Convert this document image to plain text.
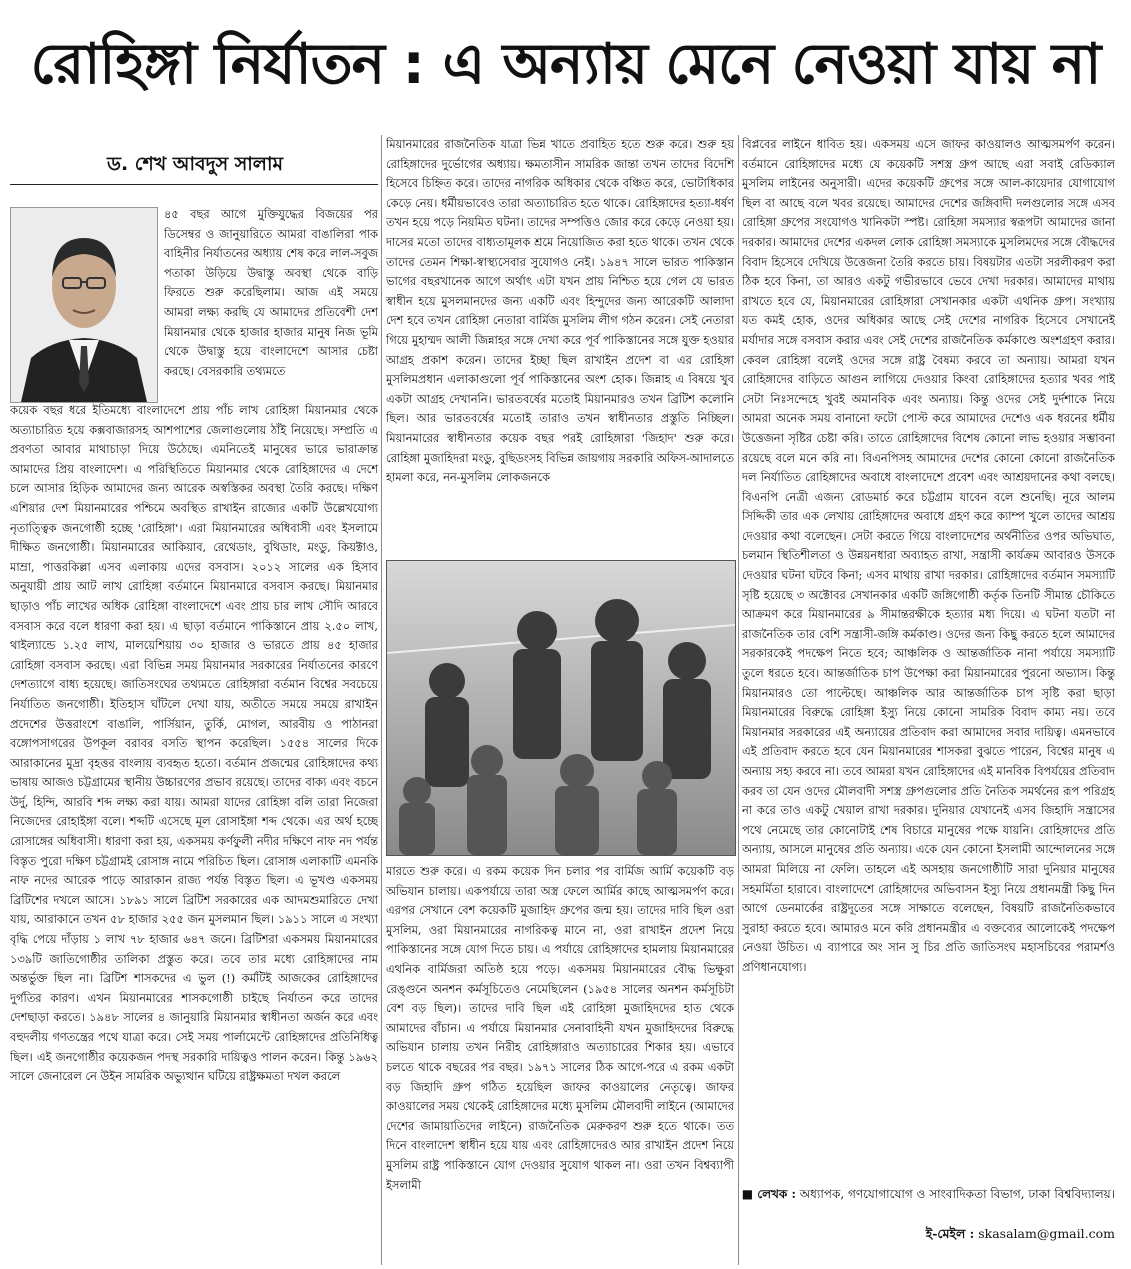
রোহিঙ্গা নির্যাতন : এ অন্যায় মেনে নেওয়া যায় না
ড. শেখ আবদুস সালাম

৪৫ বছর আগে মুক্তিযুদ্ধের বিজয়ের পর ডিসেম্বর ও জানুয়ারিতে আমরা বাঙালিরা পাক বাহিনীর নির্যাতনের অধ্যায় শেষ করে লাল-সবুজ পতাকা উড়িয়ে উদ্বাস্তু অবস্থা থেকে বাড়ি ফিরতে শুরু করেছিলাম। আজ এই সময়ে আমরা লক্ষ্য করছি যে আমাদের প্রতিবেশী দেশ মিয়ানমার থেকে হাজার হাজার মানুষ নিজ ভূমি থেকে উদ্বাস্তু হয়ে বাংলাদেশে আসার চেষ্টা করছে। বেসরকারি তথ্যমতে

কয়েক বছর ধরে ইতিমধ্যে বাংলাদেশে প্রায় পাঁচ লাখ রোহিঙ্গা মিয়ানমার থেকে অত্যাচারিত হয়ে কক্সবাজারসহ আশপাশের জেলাগুলোয় ঠাঁই নিয়েছে। সম্প্রতি এ প্রবণতা আবার মাথাচাড়া দিয়ে উঠেছে। এমনিতেই মানুষের ভারে ভারাক্রান্ত আমাদের প্রিয় বাংলাদেশ। এ পরিস্থিতিতে মিয়ানমার থেকে রোহিঙ্গাদের এ দেশে চলে আসার হিড়িক আমাদের জন্য আরেক অস্বস্তিকর অবস্থা তৈরি করছে। দক্ষিণ এশিয়ার দেশ মিয়ানমারের পশ্চিমে অবস্থিত রাখাইন রাজ্যের একটি উল্লেখযোগ্য নৃতাত্ত্বিক জনগোষ্ঠী হচ্ছে 'রোহিঙ্গা'। এরা মিয়ানমারের অধিবাসী এবং ইসলামে দীক্ষিত জনগোষ্ঠী। মিয়ানমারের আকিয়াব, রেথেডাং, বুথিডাং, মংডু, কিয়ক্টাও, মাম্রা, পাত্তরকিল্লা এসব এলাকায় এদের বসবাস। ২০১২ সালের এক হিসাব অনুযায়ী প্রায় আট লাখ রোহিঙ্গা বর্তমানে মিয়ানমারে বসবাস করছে। মিয়ানমার ছাড়াও পাঁচ লাখের অধিক রোহিঙ্গা বাংলাদেশে এবং প্রায় চার লাখ সৌদি আরবে বসবাস করে বলে ধারণা করা হয়। এ ছাড়া বর্তমানে পাকিস্তানে প্রায় ২.৫০ লাখ, থাইল্যান্ডে ১.২৫ লাখ, মালয়েশিয়ায় ৩০ হাজার ও ভারতে প্রায় ৪৫ হাজার রোহিঙ্গা বসবাস করছে। এরা বিভিন্ন সময় মিয়ানমার সরকারের নির্যাতনের কারণে দেশত্যাগে বাধ্য হয়েছে। জাতিসংঘের তথ্যমতে রোহিঙ্গারা বর্তমান বিশ্বের সবচেয়ে নির্যাতিত জনগোষ্ঠী। ইতিহাস ঘাঁটলে দেখা যায়, অতীতে সময়ে সময়ে রাখাইন প্রদেশের উত্তরাংশে বাঙালি, পার্সিয়ান, তুর্কি, মোগল, আরবীয় ও পাঠানরা বঙ্গোপসাগরের উপকূল বরাবর বসতি স্থাপন করেছিল। ১৫৫৪ সালের দিকে আরাকানের মুদ্রা বৃহত্তর বাংলায় ব্যবহৃত হতো। বর্তমান প্রজন্মের রোহিঙ্গাদের কথ্য ভাষায় আজও চট্টগ্রামের স্থানীয় উচ্চারণের প্রভাব রয়েছে। তাদের বাক্য এবং বচনে উর্দু, হিন্দি, আরবি শব্দ লক্ষ্য করা যায়। আমরা যাদের রোহিঙ্গা বলি তারা নিজেরা নিজেদের রোহাইঙ্গা বলে। শব্দটি এসেছে মূল রোসাইঙ্গা শব্দ থেকে। এর অর্থ হচ্ছে রোসাঙ্গের অধিবাসী। ধারণা করা হয়, একসময় কর্ণফুলী নদীর দক্ষিণে নাফ নদ পর্যন্ত বিস্তৃত পুরো দক্ষিণ চট্টগ্রামই রোসাঙ্গ নামে পরিচিত ছিল। রোসাঙ্গ এলাকাটি এমনকি নাফ নদের আরেক পাড়ে আরাকান রাজ্য পর্যন্ত বিস্তৃত ছিল। এ ভূখণ্ড একসময় ব্রিটিশের দখলে আসে। ১৮৯১ সালে ব্রিটিশ সরকারের এক আদমশুমারিতে দেখা যায়, আরাকানে তখন ৫৮ হাজার ২৫৫ জন মুসলমান ছিল। ১৯১১ সালে এ সংখ্যা বৃদ্ধি পেয়ে দাঁড়ায় ১ লাখ ৭৮ হাজার ৬৪৭ জনে। ব্রিটিশরা একসময় মিয়ানমারের ১৩৯টি জাতিগোষ্ঠীর তালিকা প্রস্তুত করে। তবে তার মধ্যে রোহিঙ্গাদের নাম অন্তর্ভুক্ত ছিল না। ব্রিটিশ শাসকদের এ ভুল (!) কর্মটিই আজকের রোহিঙ্গাদের দুর্গতির কারণ। এখন মিয়ানমারের শাসকগোষ্ঠী চাইছে নির্যাতন করে তাদের দেশছাড়া করতে। ১৯৪৮ সালের ৪ জানুয়ারি মিয়ানমার স্বাধীনতা অর্জন করে এবং বহুদলীয় গণতন্ত্রের পথে যাত্রা করে। সেই সময় পার্লামেন্টে রোহিঙ্গাদের প্রতিনিধিত্ব ছিল। এই জনগোষ্ঠীর কয়েকজন পদস্থ সরকারি দায়িত্বও পালন করেন। কিন্তু ১৯৬২ সালে জেনারেল নে উইন সামরিক অভ্যুত্থান ঘটিয়ে রাষ্ট্রক্ষমতা দখল করলে

মিয়ানমারের রাজনৈতিক যাত্রা ভিন্ন খাতে প্রবাহিত হতে শুরু করে। শুরু হয় রোহিঙ্গাদের দুর্ভোগের অধ্যায়। ক্ষমতাসীন সামরিক জান্তা তখন তাদের বিদেশি হিসেবে চিহ্নিত করে। তাদের নাগরিক অধিকার থেকে বঞ্চিত করে, ভোটাধিকার কেড়ে নেয়। ধর্মীয়ভাবেও তারা অত্যাচারিত হতে থাকে। রোহিঙ্গাদের হত্যা-ধর্ষণ তখন হয়ে পড়ে নিয়মিত ঘটনা। তাদের সম্পত্তিও জোর করে কেড়ে নেওয়া হয়। দাসের মতো তাদের বাধ্যতামূলক শ্রমে নিয়োজিত করা হতে থাকে। তখন থেকে তাদের তেমন শিক্ষা-স্বাস্থ্যসেবার সুযোগও নেই। ১৯৪৭ সালে ভারত পাকিস্তান ভাগের বছরখানেক আগে অর্থাৎ এটা যখন প্রায় নিশ্চিত হয়ে গেল যে ভারত স্বাধীন হয়ে মুসলমানদের জন্য একটি এবং হিন্দুদের জন্য আরেকটি আলাদা দেশ হবে তখন রোহিঙ্গা নেতারা বার্মিজ মুসলিম লীগ গঠন করেন। সেই নেতারা গিয়ে মুহাম্মদ আলী জিন্নাহর সঙ্গে দেখা করে পূর্ব পাকিস্তানের সঙ্গে যুক্ত হওয়ার আগ্রহ প্রকাশ করেন। তাদের ইচ্ছা ছিল রাখাইন প্রদেশ বা এর রোহিঙ্গা মুসলিমপ্রধান এলাকাগুলো পূর্ব পাকিস্তানের অংশ হোক। জিন্নাহ এ বিষয়ে খুব একটা আগ্রহ দেখাননি। ভারতবর্ষের মতোই মিয়ানমারও তখন ব্রিটিশ কলোনি ছিল। আর ভারতবর্ষের মতোই তারাও তখন স্বাধীনতার প্রস্তুতি নিচ্ছিল। মিয়ানমারের স্বাধীনতার কয়েক বছর পরই রোহিঙ্গারা 'জিহাদ' শুরু করে। রোহিঙ্গা মুজাহিদরা মংডু, বুছিডংসহ বিভিন্ন জায়গায় সরকারি অফিস-আদালতে হামলা করে, নন-মুসলিম লোকজনকে

মারতে শুরু করে। এ রকম কয়েক দিন চলার পর বার্মিজ আর্মি কয়েকটি বড় অভিযান চালায়। একপর্যায়ে তারা অস্ত্র ফেলে আর্মির কাছে আত্মসমর্পণ করে। এরপর সেখানে বেশ কয়েকটি মুজাহিদ গ্রুপের জন্ম হয়। তাদের দাবি ছিল ওরা মুসলিম, ওরা মিয়ানমারের নাগরিকত্ব মানে না, ওরা রাখাইন প্রদেশ নিয়ে পাকিস্তানের সঙ্গে যোগ দিতে চায়। এ পর্যায়ে রোহিঙ্গাদের হামলায় মিয়ানমারের এথনিক বার্মিজরা অতিষ্ঠ হয়ে পড়ে। একসময় মিয়ানমারের বৌদ্ধ ভিক্ষুরা রেঙ্গুনে অনশন কর্মসূচিতেও নেমেছিলেন (১৯৫৪ সালের অনশন কর্মসূচিটা বেশ বড় ছিল)। তাদের দাবি ছিল এই রোহিঙ্গা মুজাহিদদের হাত থেকে আমাদের বাঁচান। এ পর্যায়ে মিয়ানমার সেনাবাহিনী যখন মুজাহিদদের বিরুদ্ধে অভিযান চালায় তখন নিরীহ রোহিঙ্গারাও অত্যাচারের শিকার হয়। এভাবে চলতে থাকে বছরের পর বছর। ১৯৭১ সালের ঠিক আগে-পরে এ রকম একটা বড় জিহাদি গ্রুপ গঠিত হয়েছিল জাফর কাওয়ালের নেতৃত্বে। জাফর কাওয়ালের সময় থেকেই রোহিঙ্গাদের মধ্যে মুসলিম মৌলবাদী লাইনে (আমাদের দেশের জামায়াতিদের লাইনে) রাজনৈতিক মেরুকরণ শুরু হতে থাকে। তত দিনে বাংলাদেশ স্বাধীন হয়ে যায় এবং রোহিঙ্গাদেরও আর রাখাইন প্রদেশ নিয়ে মুসলিম রাষ্ট্র পাকিস্তানে যোগ দেওয়ার সুযোগ থাকল না। ওরা তখন বিশ্বব্যাপী ইসলামী

বিপ্লবের লাইনে ধাবিত হয়। একসময় এসে জাফর কাওয়ালও আত্মসমর্পণ করেন। বর্তমানে রোহিঙ্গাদের মধ্যে যে কয়েকটি সশস্ত্র গ্রুপ আছে এরা সবাই রেডিক্যাল মুসলিম লাইনের অনুসারী। এদের কয়েকটি গ্রুপের সঙ্গে আল-কায়েদার যোগাযোগ ছিল বা আছে বলে খবর রয়েছে। আমাদের দেশের জঙ্গিবাদী দলগুলোর সঙ্গে এসব রোহিঙ্গা গ্রুপের সংযোগও খানিকটা স্পষ্ট। রোহিঙ্গা সমস্যার স্বরূপটা আমাদের জানা দরকার। আমাদের দেশের একদল লোক রোহিঙ্গা সমস্যাকে মুসলিমদের সঙ্গে বৌদ্ধদের বিবাদ হিসেবে দেখিয়ে উত্তেজনা তৈরি করতে চায়। বিষয়টার এতটা সরলীকরণ করা ঠিক হবে কিনা, তা আরও একটু গভীরভাবে ভেবে দেখা দরকার। আমাদের মাথায় রাখতে হবে যে, মিয়ানমারের রোহিঙ্গারা সেখানকার একটা এথনিক গ্রুপ। সংখ্যায় যত কমই হোক, ওদের অধিকার আছে সেই দেশের নাগরিক হিসেবে সেখানেই মর্যাদার সঙ্গে বসবাস করার এবং সেই দেশের রাজনৈতিক কর্মকাণ্ডে অংশগ্রহণ করার। কেবল রোহিঙ্গা বলেই ওদের সঙ্গে রাষ্ট্র বৈষম্য করবে তা অন্যায়। আমরা যখন রোহিঙ্গাদের বাড়িতে আগুন লাগিয়ে দেওয়ার কিংবা রোহিঙ্গাদের হত্যার খবর পাই সেটা নিঃসন্দেহে খুবই অমানবিক এবং অন্যায়। কিন্তু ওদের সেই দুর্দশাকে নিয়ে আমরা অনেক সময় বানানো ফটো পোস্ট করে আমাদের দেশেও এক ধরনের ধর্মীয় উত্তেজনা সৃষ্টির চেষ্টা করি। তাতে রোহিঙ্গাদের বিশেষ কোনো লাভ হওয়ার সম্ভাবনা রয়েছে বলে মনে করি না। বিএনপিসহ আমাদের দেশের কোনো কোনো রাজনৈতিক দল নির্যাতিত রোহিঙ্গাদের অবাধে বাংলাদেশে প্রবেশ এবং আশ্রয়দানের কথা বলছে। বিএনপি নেত্রী এজন্য রোডমার্চ করে চট্টগ্রাম যাবেন বলে শুনেছি। নূরে আলম সিদ্দিকী তার এক লেখায় রোহিঙ্গাদের অবাধে গ্রহণ করে ক্যাম্প খুলে তাদের আশ্রয় দেওয়ার কথা বলেছেন। সেটা করতে গিয়ে বাংলাদেশের অর্থনীতির ওপর অভিঘাত, চলমান স্থিতিশীলতা ও উন্নয়নধারা অব্যাহত রাখা, সন্ত্রাসী কার্যক্রম আবারও উসকে দেওয়ার ঘটনা ঘটবে কিনা; এসব মাথায় রাখা দরকার। রোহিঙ্গাদের বর্তমান সমস্যাটি সৃষ্টি হয়েছে ৩ অক্টোবর সেখানকার একটি জঙ্গিগোষ্ঠী কর্তৃক তিনটি সীমান্ত চৌকিতে আক্রমণ করে মিয়ানমারের ৯ সীমান্তরক্ষীকে হত্যার মধ্য দিয়ে। এ ঘটনা যতটা না রাজনৈতিক তার বেশি সন্ত্রাসী-জঙ্গি কর্মকাণ্ড। ওদের জন্য কিছু করতে হলে আমাদের সরকারকেই পদক্ষেপ নিতে হবে; আঞ্চলিক ও আন্তর্জাতিক নানা পর্যায়ে সমস্যাটি তুলে ধরতে হবে। আন্তর্জাতিক চাপ উপেক্ষা করা মিয়ানমারের পুরনো অভ্যাস। কিন্তু মিয়ানমারও তো পাল্টেছে। আঞ্চলিক আর আন্তর্জাতিক চাপ সৃষ্টি করা ছাড়া মিয়ানমারের বিরুদ্ধে রোহিঙ্গা ইস্যু নিয়ে কোনো সামরিক বিবাদ কাম্য নয়। তবে মিয়ানমার সরকারের এই অন্যায়ের প্রতিবাদ করা আমাদের সবার দায়িত্ব। এমনভাবে এই প্রতিবাদ করতে হবে যেন মিয়ানমারের শাসকরা বুঝতে পারেন, বিশ্বের মানুষ এ অন্যায় সহ্য করবে না। তবে আমরা যখন রোহিঙ্গাদের এই মানবিক বিপর্যয়ের প্রতিবাদ করব তা যেন ওদের মৌলবাদী সশস্ত্র গ্রুপগুলোর প্রতি নৈতিক সমর্থনের রূপ পরিগ্রহ না করে তাও একটু খেয়াল রাখা দরকার। দুনিয়ার যেখানেই এসব জিহাদি সন্ত্রাসের পথে নেমেছে তার কোনোটাই শেষ বিচারে মানুষের পক্ষে যায়নি। রোহিঙ্গাদের প্রতি অন্যায়, আসলে মানুষের প্রতি অন্যায়। একে যেন কোনো ইসলামী আন্দোলনের সঙ্গে আমরা মিলিয়ে না ফেলি। তাহলে এই অসহায় জনগোষ্ঠীটি সারা দুনিয়ার মানুষের সহমর্মিতা হারাবে। বাংলাদেশে রোহিঙ্গাদের অভিবাসন ইস্যু নিয়ে প্রধানমন্ত্রী কিছু দিন আগে ডেনমার্কের রাষ্ট্রদূতের সঙ্গে সাক্ষাতে বলেছেন, বিষয়টি রাজনৈতিকভাবে সুরাহা করতে হবে। আমারও মনে করি প্রধানমন্ত্রীর এ বক্তব্যের আলোকেই পদক্ষেপ নেওয়া উচিত। এ ব্যাপারে অং সান সু চির প্রতি জাতিসংঘ মহাসচিবের পরামর্শও প্রণিধানযোগ্য।

■ লেখক : অধ্যাপক, গণযোগাযোগ ও সাংবাদিকতা বিভাগ, ঢাকা বিশ্ববিদ্যালয়।
ই-মেইল : skasalam@gmail.com
